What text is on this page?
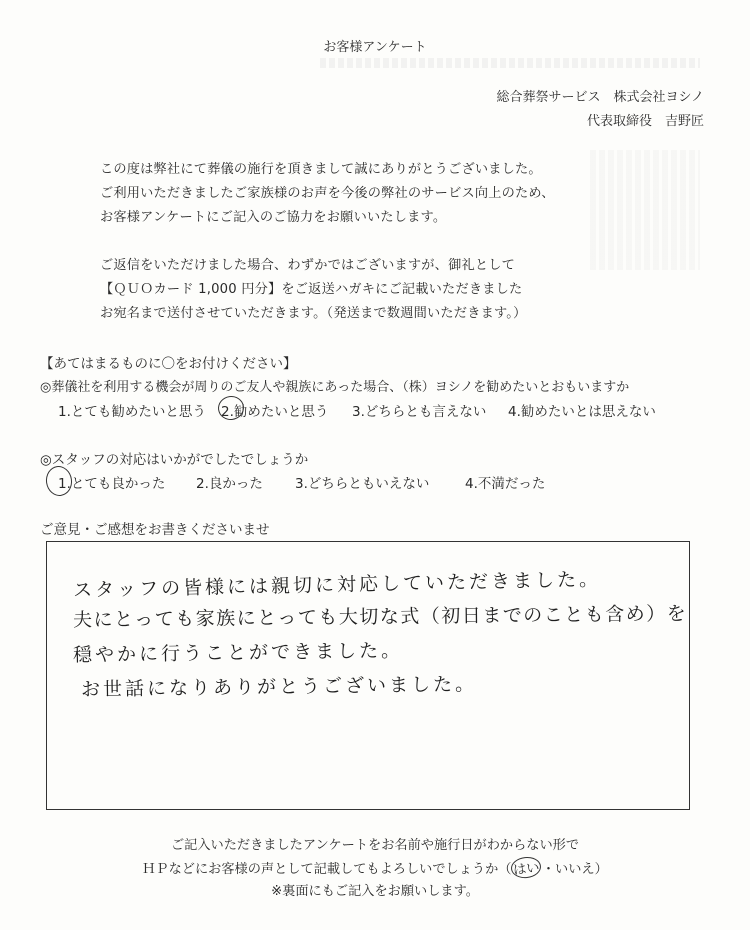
お客様アンケート
総合葬祭サービス　株式会社ヨシノ
代表取締役　吉野匠
この度は弊社にて葬儀の施行を頂きまして誠にありがとうございました。
ご利用いただきましたご家族様のお声を今後の弊社のサービス向上のため、
お客様アンケートにご記入のご協力をお願いいたします。
ご返信をいただけました場合、わずかではございますが、御礼として
【ＱＵＯカード 1,000 円分】をご返送ハガキにご記載いただきました
お宛名まで送付させていただきます。（発送まで数週間いただきます。）
【あてはまるものに〇をお付けください】
◎葬儀社を利用する機会が周りのご友人や親族にあった場合、（株）ヨシノを勧めたいとおもいますか
1.とても勧めたいと思う 2.勧めたいと思う 3.どちらとも言えない 4.勧めたいとは思えない
◎スタッフの対応はいかがでしたでしょうか
1.とても良かった 2.良かった 3.どちらともいえない	4.不満だった
ご意見・ご感想をお書きくださいませ
スタッフの皆様には親切に対応していただきました。
夫にとっても家族にとっても大切な式（初日までのことも含め）を
穏やかに行うことができました。
お世話になりありがとうございました。
ご記入いただきましたアンケートをお名前や施行日がわからない形で
ＨＰなどにお客様の声として記載してもよろしいでしょうか（はい・いいえ）
※裏面にもご記入をお願いします。
